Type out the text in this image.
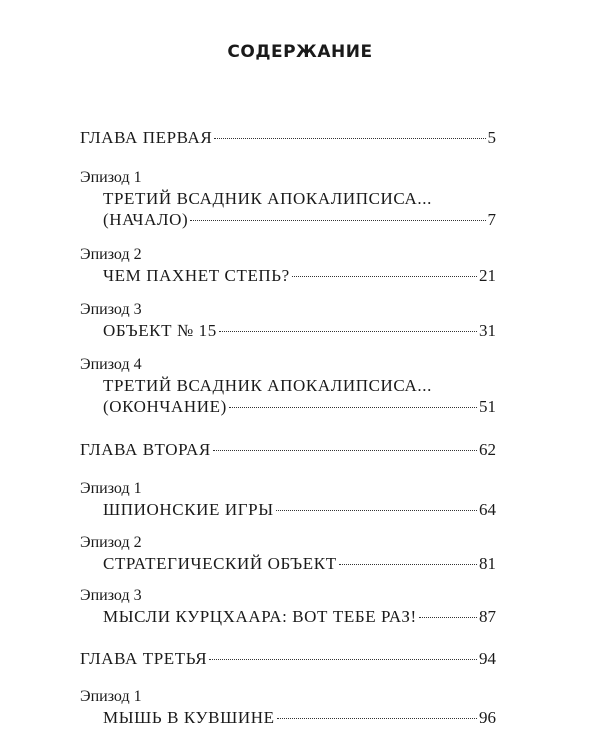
СОДЕРЖАНИЕ
ГЛАВА ПЕРВАЯ	5
Эпизод 1
ТРЕТИЙ ВСАДНИК АПОКАЛИПСИСА...
(НАЧАЛО)	7
Эпизод 2
ЧЕМ ПАХНЕТ СТЕПЬ?	21
Эпизод 3
ОБЪЕКТ № 15	31
Эпизод 4
ТРЕТИЙ ВСАДНИК АПОКАЛИПСИСА...
(ОКОНЧАНИЕ)	51
ГЛАВА ВТОРАЯ	62
Эпизод 1
ШПИОНСКИЕ ИГРЫ	64
Эпизод 2
СТРАТЕГИЧЕСКИЙ ОБЪЕКТ	81
Эпизод 3
МЫСЛИ КУРЦХААРА: ВОТ ТЕБЕ РАЗ!	87
ГЛАВА ТРЕТЬЯ	94
Эпизод 1
МЫШЬ В КУВШИНЕ	96
